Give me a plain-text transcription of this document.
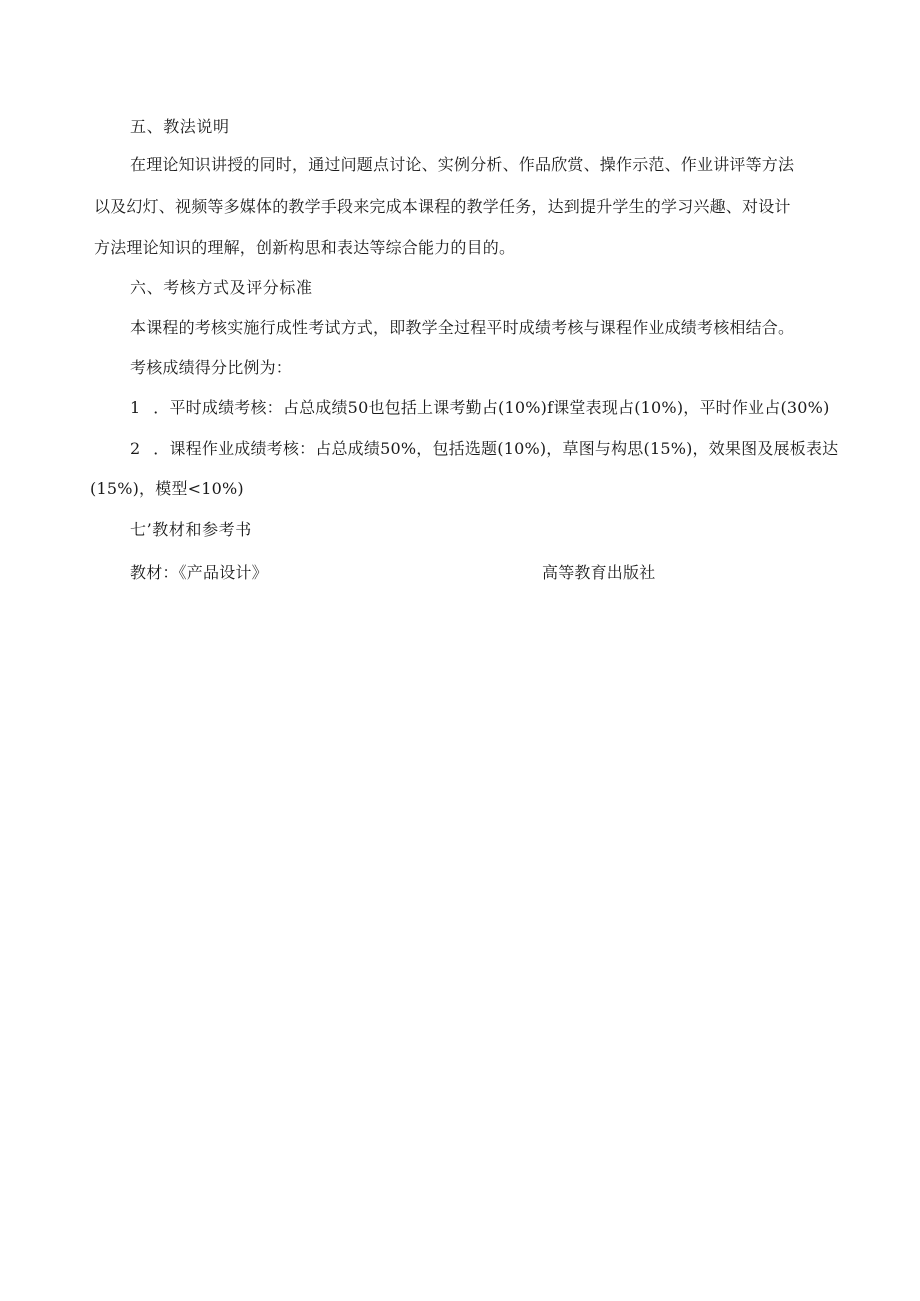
五、教法说明
在理论知识讲授的同时，通过问题点讨论、实例分析、作品欣赏、操作示范、作业讲评等方法
以及幻灯、视频等多媒体的教学手段来完成本课程的教学任务，达到提升学生的学习兴趣、对设计
方法理论知识的理解，创新构思和表达等综合能力的目的。
六、考核方式及评分标准
本课程的考核实施行成性考试方式，即教学全过程平时成绩考核与课程作业成绩考核相结合。
考核成绩得分比例为：
1 ．平时成绩考核：占总成绩50也包括上课考勤占(10%)f课堂表现占(10%)，平时作业占(30%)
2 ．课程作业成绩考核：占总成绩50%，包括选题(10%)，草图与构思(15%)，效果图及展板表达
(15%)，模型<10%)
七’教材和参考书
教材：《产品设计》	高等教育出版社
